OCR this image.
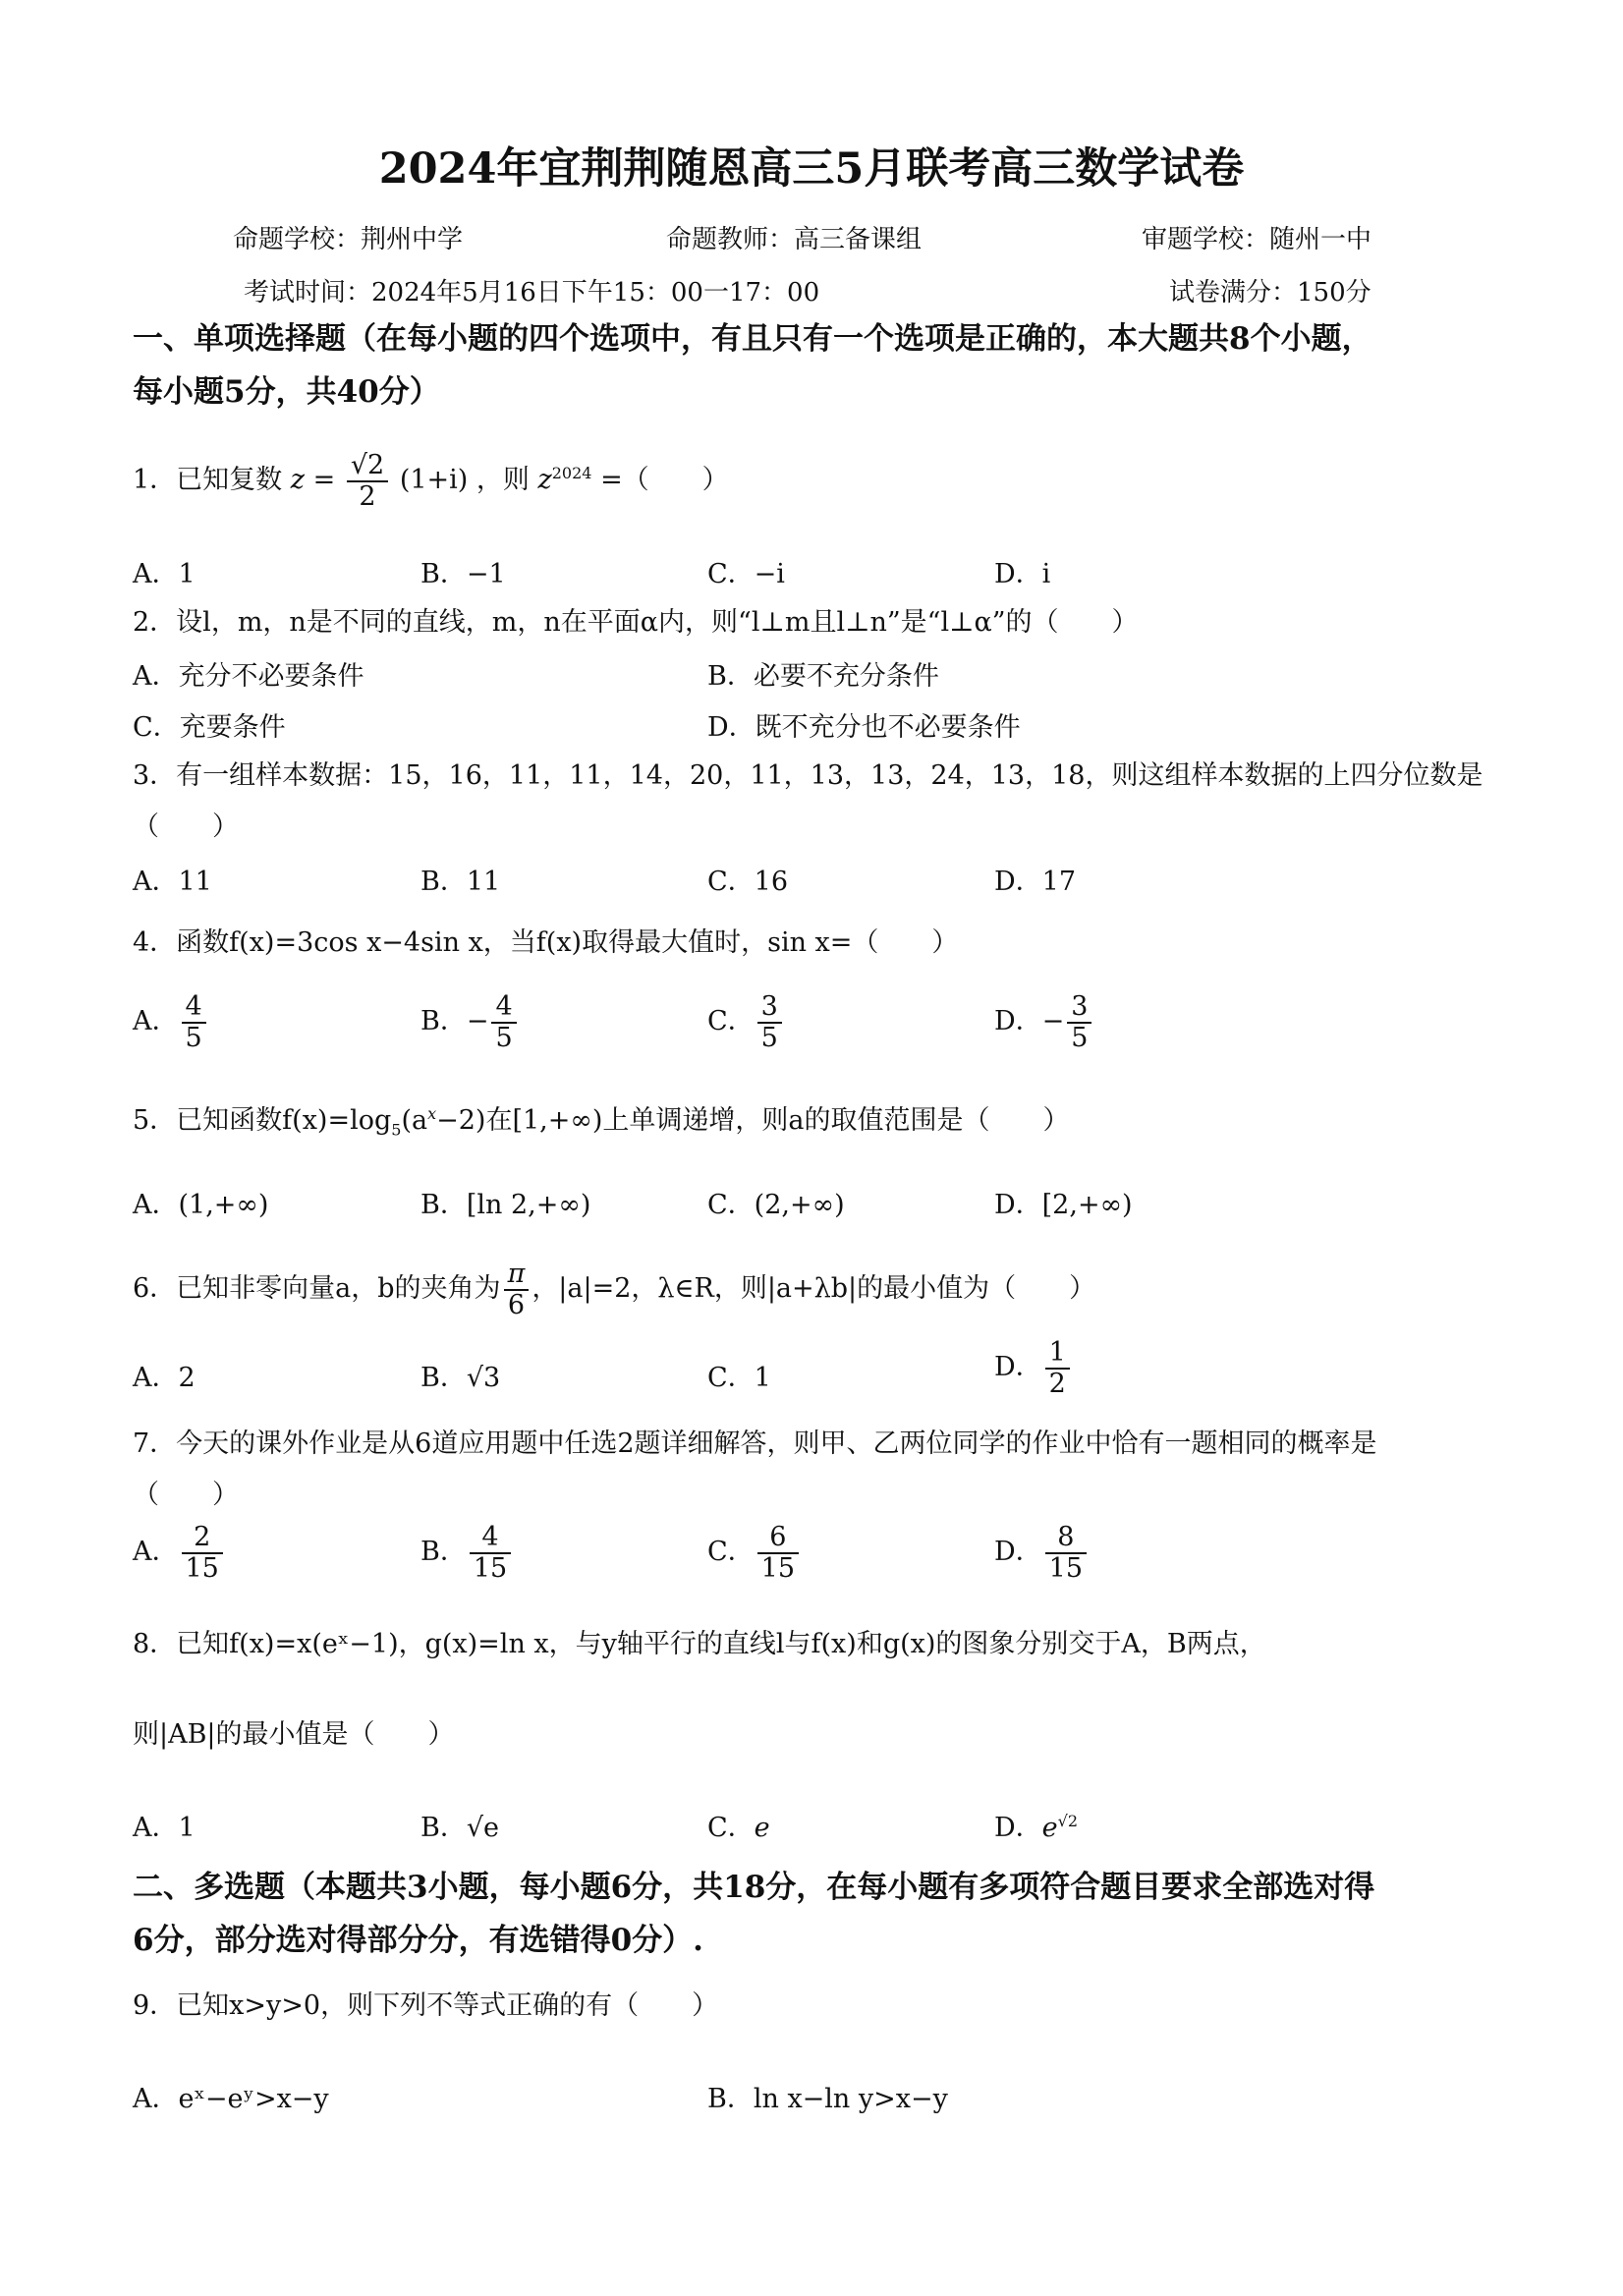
2024年宜荆荆随恩高三5月联考高三数学试卷
命题学校：荆州中学	命题教师：高三备课组	审题学校：随州一中
考试时间：2024年5月16日下午15：00一17：00	试卷满分：150分
一、单项选择题（在每小题的四个选项中，有且只有一个选项是正确的，本大题共8个小题，
每小题5分，共40分）
1．已知复数 $z = \frac{√2}{2} (1+i)$ ，则 $z^{2024}$ =（　　）
A．1	B．−1	C．−i	D．i
2．设l，m，n是不同的直线，m，n在平面α内，则“l⊥m且l⊥n”是“l⊥α”的（　　）
A．充分不必要条件	B．必要不充分条件
C．充要条件	D．既不充分也不必要条件
3．有一组样本数据：15，16，11，11，14，20，11，13，13，24，13，18，则这组样本数据的上四分位数是
（　　）
A．11	B．11	C．16	D．17
4．函数f(x)=3cos x−4sin x，当f(x)取得最大值时，sin x=（　　）
A． $\frac{4}{5}$	B．− $\frac{4}{5}$	C． $\frac{3}{5}$	D．− $\frac{3}{5}$
5．已知函数$f(x)=\log_5(a^x-2)$在[1,+∞)上单调递增，则a的取值范围是（　　）
A．(1,+∞)	B．[ln 2,+∞)	C．(2,+∞)	D．[2,+∞)
6．已知非零向量a，b的夹角为 $\frac{\pi}{6}$ ，|a|=2，λ∈R，则|a+λb|的最小值为（　　）
A．2	B．√3	C．1	D． $\frac{1}{2}$
7．今天的课外作业是从6道应用题中任选2题详细解答，则甲、乙两位同学的作业中恰有一题相同的概率是
（　　）
A． $\frac{2}{15}$	B． $\frac{4}{15}$	C． $\frac{6}{15}$	D． $\frac{8}{15}$
8．已知f(x)=x(eˣ−1)，g(x)=ln x，与y轴平行的直线l与f(x)和g(x)的图象分别交于A，B两点，
则|AB|的最小值是（　　）
A．1	B．√e	C．e	D．$e^{√2}$
二、多选题（本题共3小题，每小题6分，共18分，在每小题有多项符合题目要求全部选对得
6分，部分选对得部分分，有选错得0分）.
9．已知x>y>0，则下列不等式正确的有（　　）
A．eˣ−eʸ>x−y	B．ln x−ln y>x−y
